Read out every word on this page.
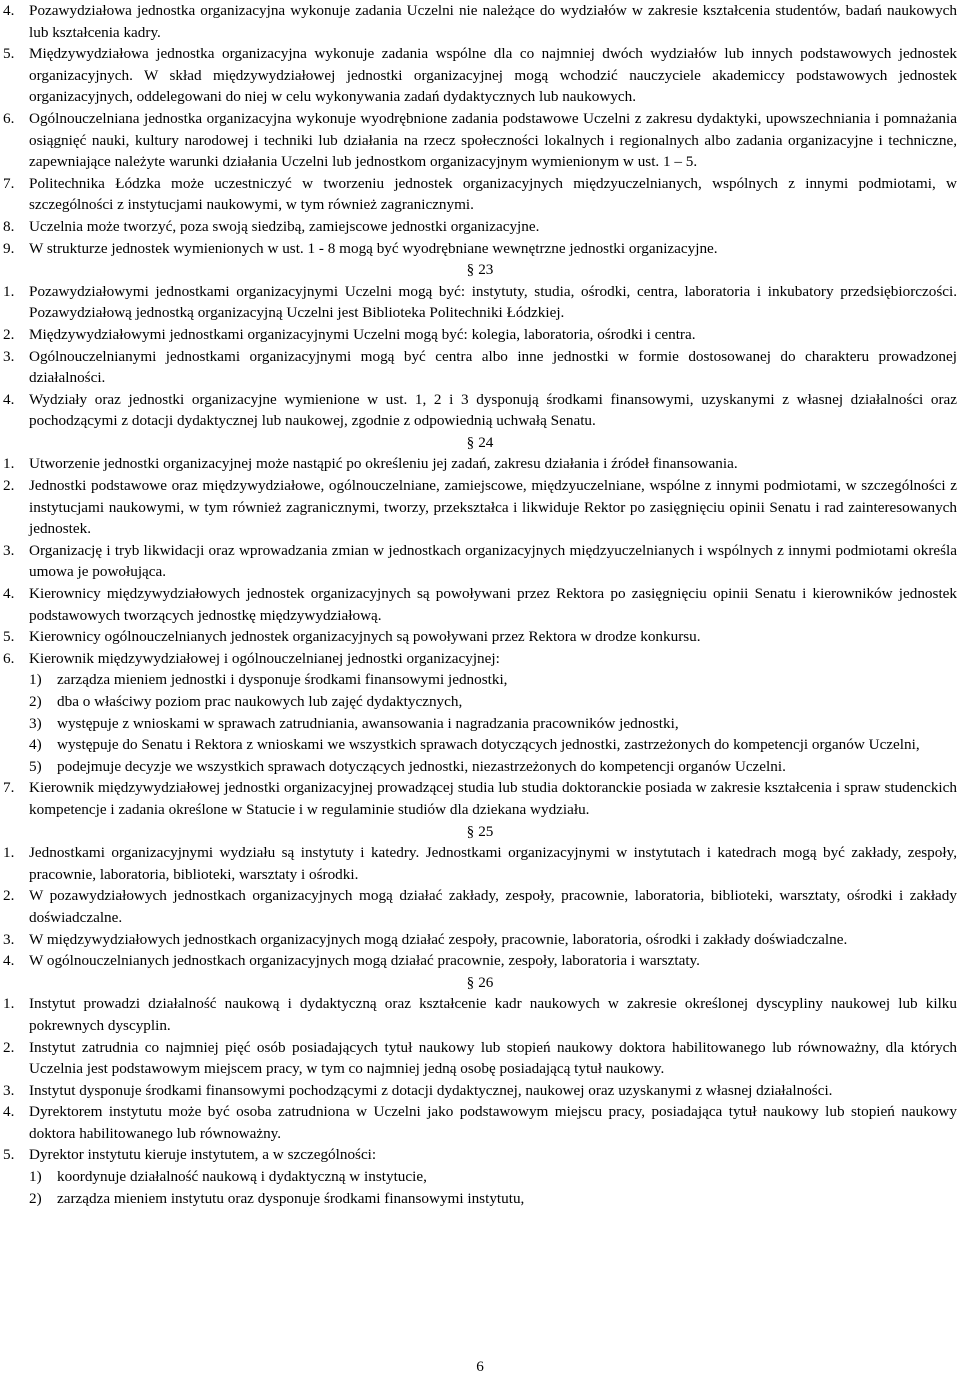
4. Pozawydziałowa jednostka organizacyjna wykonuje zadania Uczelni nie należące do wydziałów w zakresie kształcenia studentów, badań naukowych lub kształcenia kadry.

5. Międzywydziałowa jednostka organizacyjna wykonuje zadania wspólne dla co najmniej dwóch wydziałów lub innych podstawowych jednostek organizacyjnych. W skład międzywydziałowej jednostki organizacyjnej mogą wchodzić nauczyciele akademiccy podstawowych jednostek organizacyjnych, oddelegowani do niej w celu wykonywania zadań dydaktycznych lub naukowych.

6. Ogólnouczelniana jednostka organizacyjna wykonuje wyodrębnione zadania podstawowe Uczelni z zakresu dydaktyki, upowszechniania i pomnażania osiągnięć nauki, kultury narodowej i techniki lub działania na rzecz społeczności lokalnych i regionalnych albo zadania organizacyjne i techniczne, zapewniające należyte warunki działania Uczelni lub jednostkom organizacyjnym wymienionym w ust. 1 – 5.

7. Politechnika Łódzka może uczestniczyć w tworzeniu jednostek organizacyjnych międzyuczelnianych, wspólnych z innymi podmiotami, w szczególności z instytucjami naukowymi, w tym również zagranicznymi.

8. Uczelnia może tworzyć, poza swoją siedzibą, zamiejscowe jednostki organizacyjne.

9. W strukturze jednostek wymienionych w ust. 1 - 8 mogą być wyodrębniane wewnętrzne jednostki organizacyjne.

§ 23

1. Pozawydziałowymi jednostkami organizacyjnymi Uczelni mogą być: instytuty, studia, ośrodki, centra, laboratoria i inkubatory przedsiębiorczości. Pozawydziałową jednostką organizacyjną Uczelni jest Biblioteka Politechniki Łódzkiej.

2. Międzywydziałowymi jednostkami organizacyjnymi Uczelni mogą być: kolegia, laboratoria, ośrodki i centra.

3. Ogólnouczelnianymi jednostkami organizacyjnymi mogą być centra albo inne jednostki w formie dostosowanej do charakteru prowadzonej działalności.

4. Wydziały oraz jednostki organizacyjne wymienione w ust. 1, 2 i 3 dysponują środkami finansowymi, uzyskanymi z własnej działalności oraz pochodzącymi z dotacji dydaktycznej lub naukowej, zgodnie z odpowiednią uchwałą Senatu.

§ 24

1. Utworzenie jednostki organizacyjnej może nastąpić po określeniu jej zadań, zakresu działania i źródeł finansowania.

2. Jednostki podstawowe oraz międzywydziałowe, ogólnouczelniane, zamiejscowe, międzyuczelniane, wspólne z innymi podmiotami, w szczególności z instytucjami naukowymi, w tym również zagranicznymi, tworzy, przekształca i likwiduje Rektor po zasięgnięciu opinii Senatu i rad zainteresowanych jednostek.

3. Organizację i tryb likwidacji oraz wprowadzania zmian w jednostkach organizacyjnych międzyuczelnianych i wspólnych z innymi podmiotami określa umowa je powołująca.

4. Kierownicy międzywydziałowych jednostek organizacyjnych są powoływani przez Rektora po zasięgnięciu opinii Senatu i kierowników jednostek podstawowych tworzących jednostkę międzywydziałową.

5. Kierownicy ogólnouczelnianych jednostek organizacyjnych są powoływani przez Rektora w drodze konkursu.

6. Kierownik międzywydziałowej i ogólnouczelnianej jednostki organizacyjnej:

1) zarządza mieniem jednostki i dysponuje środkami finansowymi jednostki,

2) dba o właściwy poziom prac naukowych lub zajęć dydaktycznych,

3) występuje z wnioskami w sprawach zatrudniania, awansowania i nagradzania pracowników jednostki,

4) występuje do Senatu i Rektora z wnioskami we wszystkich sprawach dotyczących jednostki, zastrzeżonych do kompetencji organów Uczelni,

5) podejmuje decyzje we wszystkich sprawach dotyczących jednostki, niezastrzeżonych do kompetencji organów Uczelni.

7. Kierownik międzywydziałowej jednostki organizacyjnej prowadzącej studia lub studia doktoranckie posiada w zakresie kształcenia i spraw studenckich kompetencje i zadania określone w Statucie i w regulaminie studiów dla dziekana wydziału.

§ 25

1. Jednostkami organizacyjnymi wydziału są instytuty i katedry. Jednostkami organizacyjnymi w instytutach i katedrach mogą być zakłady, zespoły, pracownie, laboratoria, biblioteki, warsztaty i ośrodki.

2. W pozawydziałowych jednostkach organizacyjnych mogą działać zakłady, zespoły, pracownie, laboratoria, biblioteki, warsztaty, ośrodki i zakłady doświadczalne.

3. W międzywydziałowych jednostkach organizacyjnych mogą działać zespoły, pracownie, laboratoria, ośrodki i zakłady doświadczalne.

4. W ogólnouczelnianych jednostkach organizacyjnych mogą działać pracownie, zespoły, laboratoria i warsztaty.

§ 26

1. Instytut prowadzi działalność naukową i dydaktyczną oraz kształcenie kadr naukowych w zakresie określonej dyscypliny naukowej lub kilku pokrewnych dyscyplin.

2. Instytut zatrudnia co najmniej pięć osób posiadających tytuł naukowy lub stopień naukowy doktora habilitowanego lub równoważny, dla których Uczelnia jest podstawowym miejscem pracy, w tym co najmniej jedną osobę posiadającą tytuł naukowy.

3. Instytut dysponuje środkami finansowymi pochodzącymi z dotacji dydaktycznej, naukowej oraz uzyskanymi z własnej działalności.

4. Dyrektorem instytutu może być osoba zatrudniona w Uczelni jako podstawowym miejscu pracy, posiadająca tytuł naukowy lub stopień naukowy doktora habilitowanego lub równoważny.

5. Dyrektor instytutu kieruje instytutem, a w szczególności:

1) koordynuje działalność naukową i dydaktyczną w instytucie,

2) zarządza mieniem instytutu oraz dysponuje środkami finansowymi instytutu,

6
